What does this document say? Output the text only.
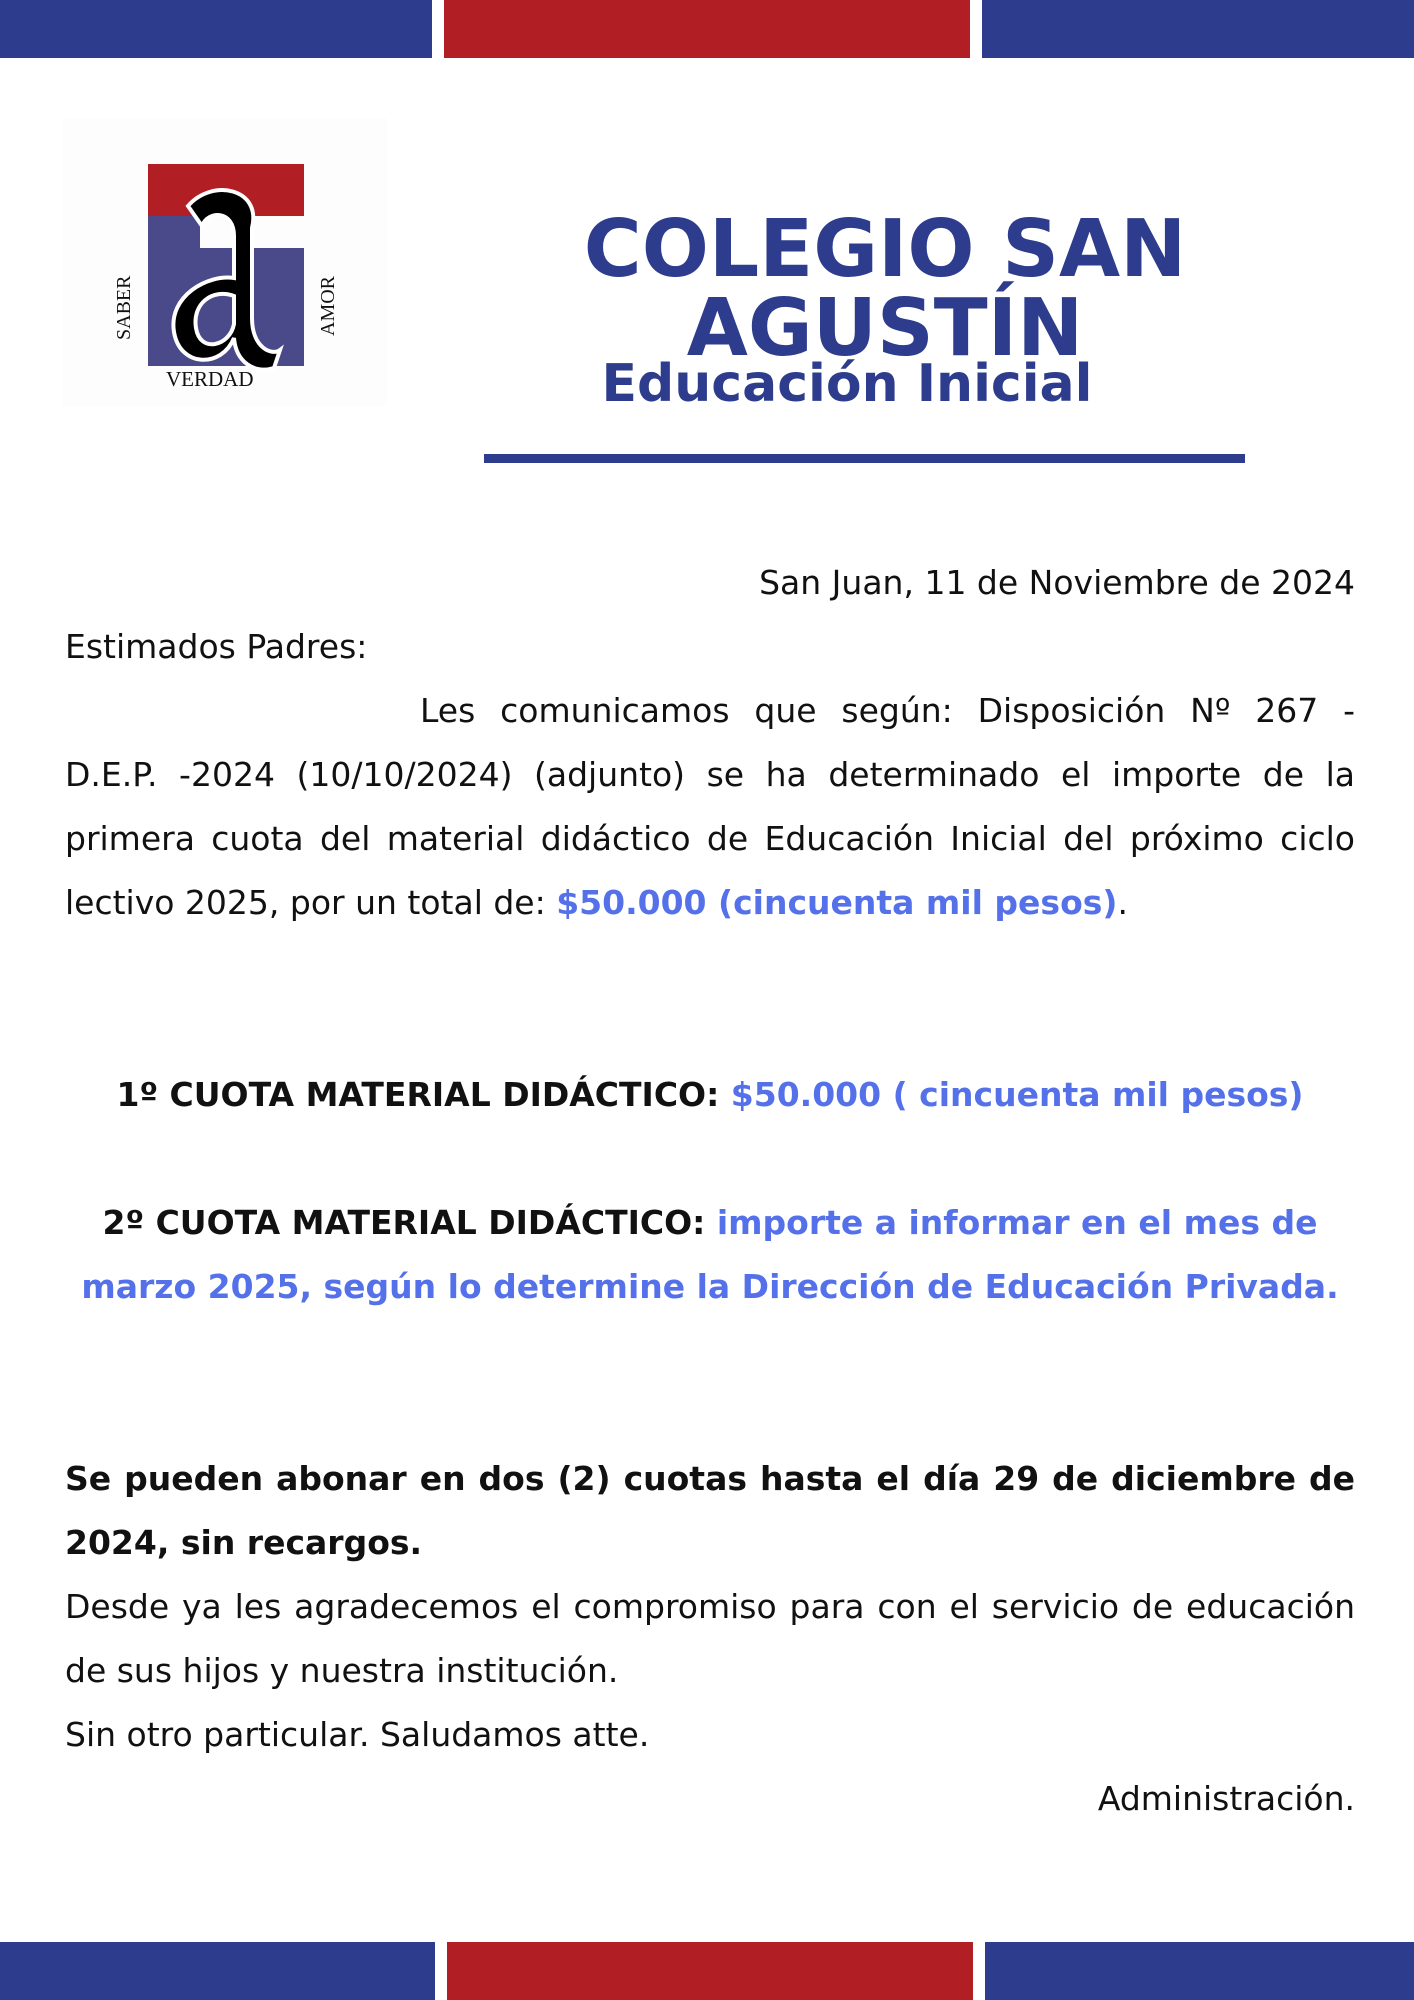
SABER	AMOR
VERDAD
COLEGIO SAN AGUSTÍN
Educación Inicial
San Juan, 11 de Noviembre de 2024
Estimados Padres:
Les comunicamos que según: Disposición Nº 267 - D.E.P. -2024 (10/10/2024) (adjunto) se ha determinado el importe de la primera cuota del material didáctico de Educación Inicial del próximo ciclo lectivo 2025, por un total de: $50.000 (cincuenta mil pesos).
1º CUOTA MATERIAL DIDÁCTICO: $50.000 ( cincuenta mil pesos)
2º CUOTA MATERIAL DIDÁCTICO: importe a informar en el mes de marzo 2025, según lo determine la Dirección de Educación Privada.
Se pueden abonar en dos (2) cuotas hasta el día 29 de diciembre de 2024, sin recargos.
Desde ya les agradecemos el compromiso para con el servicio de educación de sus hijos y nuestra institución.
Sin otro particular. Saludamos atte.
Administración.
